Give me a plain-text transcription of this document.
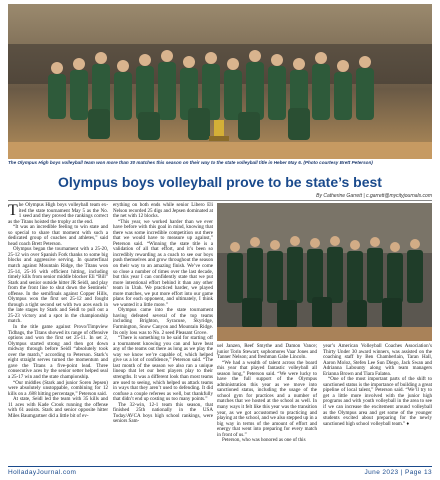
The Olympus High boys volleyball team won more than 30 matches this season on their way to the state volleyball title in Heber May 6. (Photo courtesy Brett Peterson)
Olympus boys volleyball prove to be state’s best
By Catherine Garrett | c.garrett@mycityjournals.com

The Olympus High boys volleyball team ex-ited the state tournament May 5 as the No. 1 seed and they proved the rankings correct as the Titans hoisted the trophy at the end.

“It was an incredible feeling to win state and so special to share that moment with such a dedicated group of coaches and athletes,” said head coach Brett Peterson.

Olympus began the tournament with a 25-20, 25-12 win over Spanish Fork thanks to some big blocks and aggressive serving. In quarterfinal match against Mountain Ridge, the Titans won 25-14, 25-16 with efficient hitting, including timely kills from senior middle blocker Eli “Bill” Stark and senior outside hitter JR Seidl, and play from the front line to shut down the Sentinels’ offense. In the semifinals against Copper Hills, Olympus won the first set 25-12 and fought through a tight second set with two aces each in the late stages by Stark and Seidl to pull out a 25-23 victory and a spot in the championship match.

In the title game against Provo/Timpview Tidbags, the Titans showed its range of offensive options and won the first set 25-11. In set 2, Olympus started strong and then got down midway through before Seidl “absolutely took over the match,” according to Peterson. Stark’s eight straight serves turned the momentum and gave the Titans a five-point lead. Three consecutive aces by the senior setter helped seal a 25-17 win and the state championship.

“Our middles (Stark and junior Soren Jepsen) were absolutely unstoppable, combining for 12 kills on a .688 hitting percentage,” Peterson said.

At state, Seidl led the team with 35 kills and 11 aces with Kade Crook running the offense with 61 assists. Stark and senior opposite hitter Miles Baumgartner did a little bit of ev-

erything on both ends while senior Libero Eli Nelson recorded 25 digs and Jepsen dominated at the net with 12 blocks.

“This year, we worked harder than we ever have before with this goal in mind, knowing that there was some incredible competition out there that we would have to measure up against,” Peterson said. “Winning the state title is a validation of all that effort, and it’s been so incredibly rewarding as a coach to see our boys push themselves and grow throughout the season on their way to an amazing finish. We’ve come so close a number of times over the last decade, but this year I can confidently state that we put more intentional effort behind it than any other team in Utah. We practiced harder, we played more matches, we put more effort into our game plans for each opponent, and ultimately, I think we wanted it a little more.”

Olympus came into the state tournament having defeated several of the top teams including Brighton, Syracuse, Skyridge, Farmington, Snow Canyon and Mountain Ridge. Its only loss was to No. 2 seed Pleasant Grove.

“There is something to be said for starting off a tournament knowing you can and have beat any of the teams out there as long as we play the way we know we’re capable of, which helped give us a lot of confidence,” Peterson said. “The last month of the season we also ran a unique lineup that let our best players play to their strengths. It was a different look than most teams are used to seeing, which helped us attack teams in ways that they aren’t used to defending. It did confuse a couple referees as well, but thankfully that didn’t end up costing us too many points.”

The 32-win, 12-1 team this season, that finished 25th nationally in the USA Today/AVCA boys high school rankings, were seniors Sam-

uel Janzen, Reef Smythe and Damon Vance; junior Torin Stewart; sophomores Vaar Jones and Tanner Nelson; and freshman Gabe Lincoln.

“We had a wealth of talent across the board this year that played fantastic volleyball all season long,” Peterson said. “We were lucky to have the full support of the Olympus administration this year as we move into sanctioned status, including the usage of the school gym for practices and a number of matches that we hosted at the school as well. In many ways it felt like this year was the transition year, as we got accustomed to practicing and playing at the school, and we also stepped up in a big way in terms of the amount of effort and energy that went into preparing for every match in front of us.”

Peterson, who was honored as one of this

year’s American Volleyball Coaches Association’s Thirty Under 30 award winners, was assisted on the coaching staff by Ben Chamberlain, Taran Hall, Aaron Moloz, Stefen Lee Sun Diego, Jack Swan and Adrianna Labounty along with team managers Erianna Brown and Tiara Falatea.

“One of the most important parts of the shift to sanctioned status is the importance of building a great pipeline of local talent,” Peterson said. “We’ll try to get a little more involved with the junior high programs and with youth volleyball in the area to see if we can increase the excitement around volleyball as the Olympus area and get some of the younger students excited about preparing for the newly sanctioned high school volleyball team.” ♦

HolladayJournal.com	June 2023 | Page 13
